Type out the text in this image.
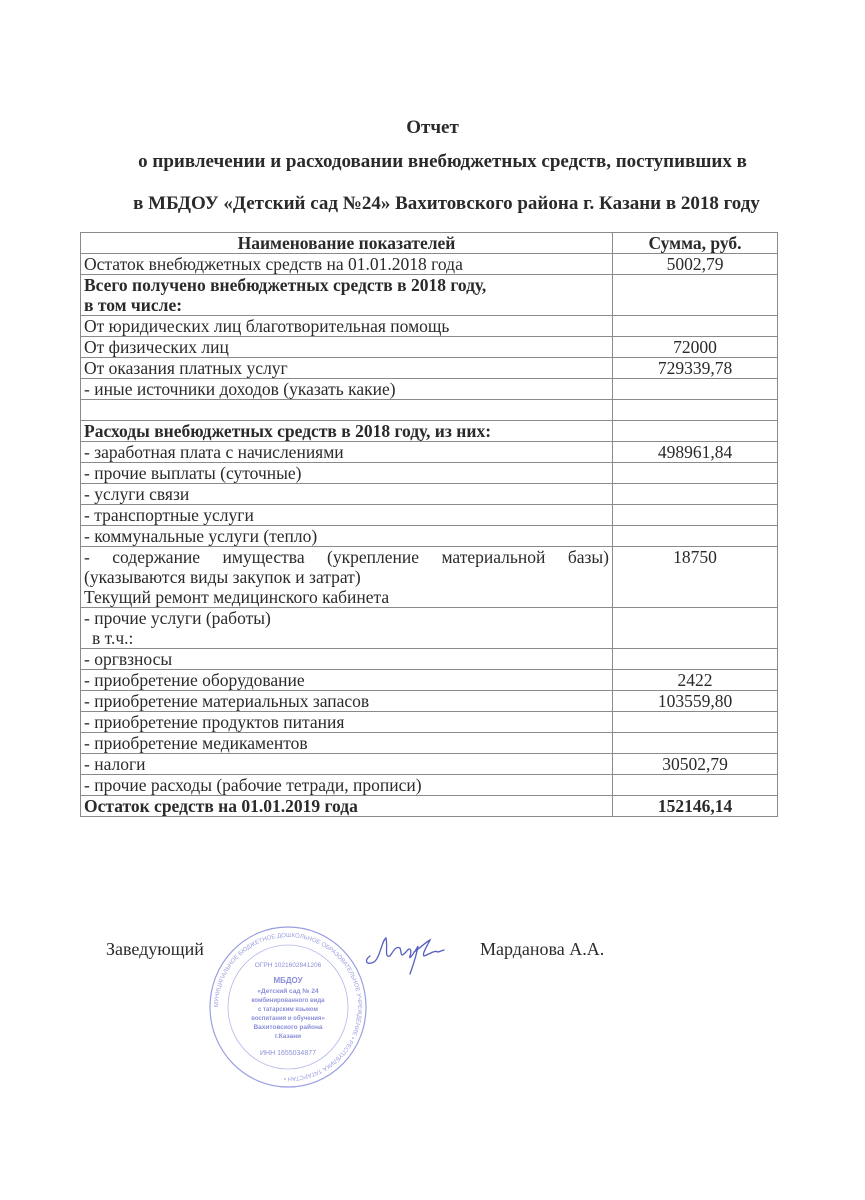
Отчет
о привлечении и расходовании внебюджетных средств, поступивших в
в МБДОУ «Детский сад №24» Вахитовского района г. Казани в 2018 году
Наименование показателей	Сумма, руб.
Остаток внебюджетных средств на 01.01.2018 года	5002,79

Всего получено внебюджетных средств в 2018 году,
в том числе:	

От юридических лиц благотворительная помощь	
От физических лиц	72000
От оказания платных услуг	729339,78
- иные источники доходов (указать какие)	

Расходы внебюджетных средств в 2018 году, из них:	
- заработная плата с начислениями	498961,84
- прочие выплаты (суточные)	
- услуги связи	
- транспортные услуги	
- коммунальные услуги (тепло)	

- содержание имущества (укрепление материальной базы) (указываются виды закупок и затрат)
Текущий ремонт медицинского кабинета	18750

- прочие услуги (работы)
в т.ч.:	

- оргвзносы	
- приобретение оборудование	2422
- приобретение материальных запасов	103559,80
- приобретение продуктов питания	
- приобретение медикаментов	
- налоги	30502,79
- прочие расходы (рабочие тетради, прописи)	
Остаток средств на 01.01.2019 года	152146,14
Заведующий
МУНИЦИПАЛЬНОЕ БЮДЖЕТНОЕ ДОШКОЛЬНОЕ ОБРАЗОВАТЕЛЬНОЕ УЧРЕЖДЕНИЕ • РЕСПУБЛИКА ТАТАРСТАН •
ОГРН 1021602841206
МБДОУ
«Детский сад № 24
комбинированного вида
с татарским языком
воспитания и обучения»
Вахитовского района
г.Казани
ИНН 1655034877
Марданова А.А.
